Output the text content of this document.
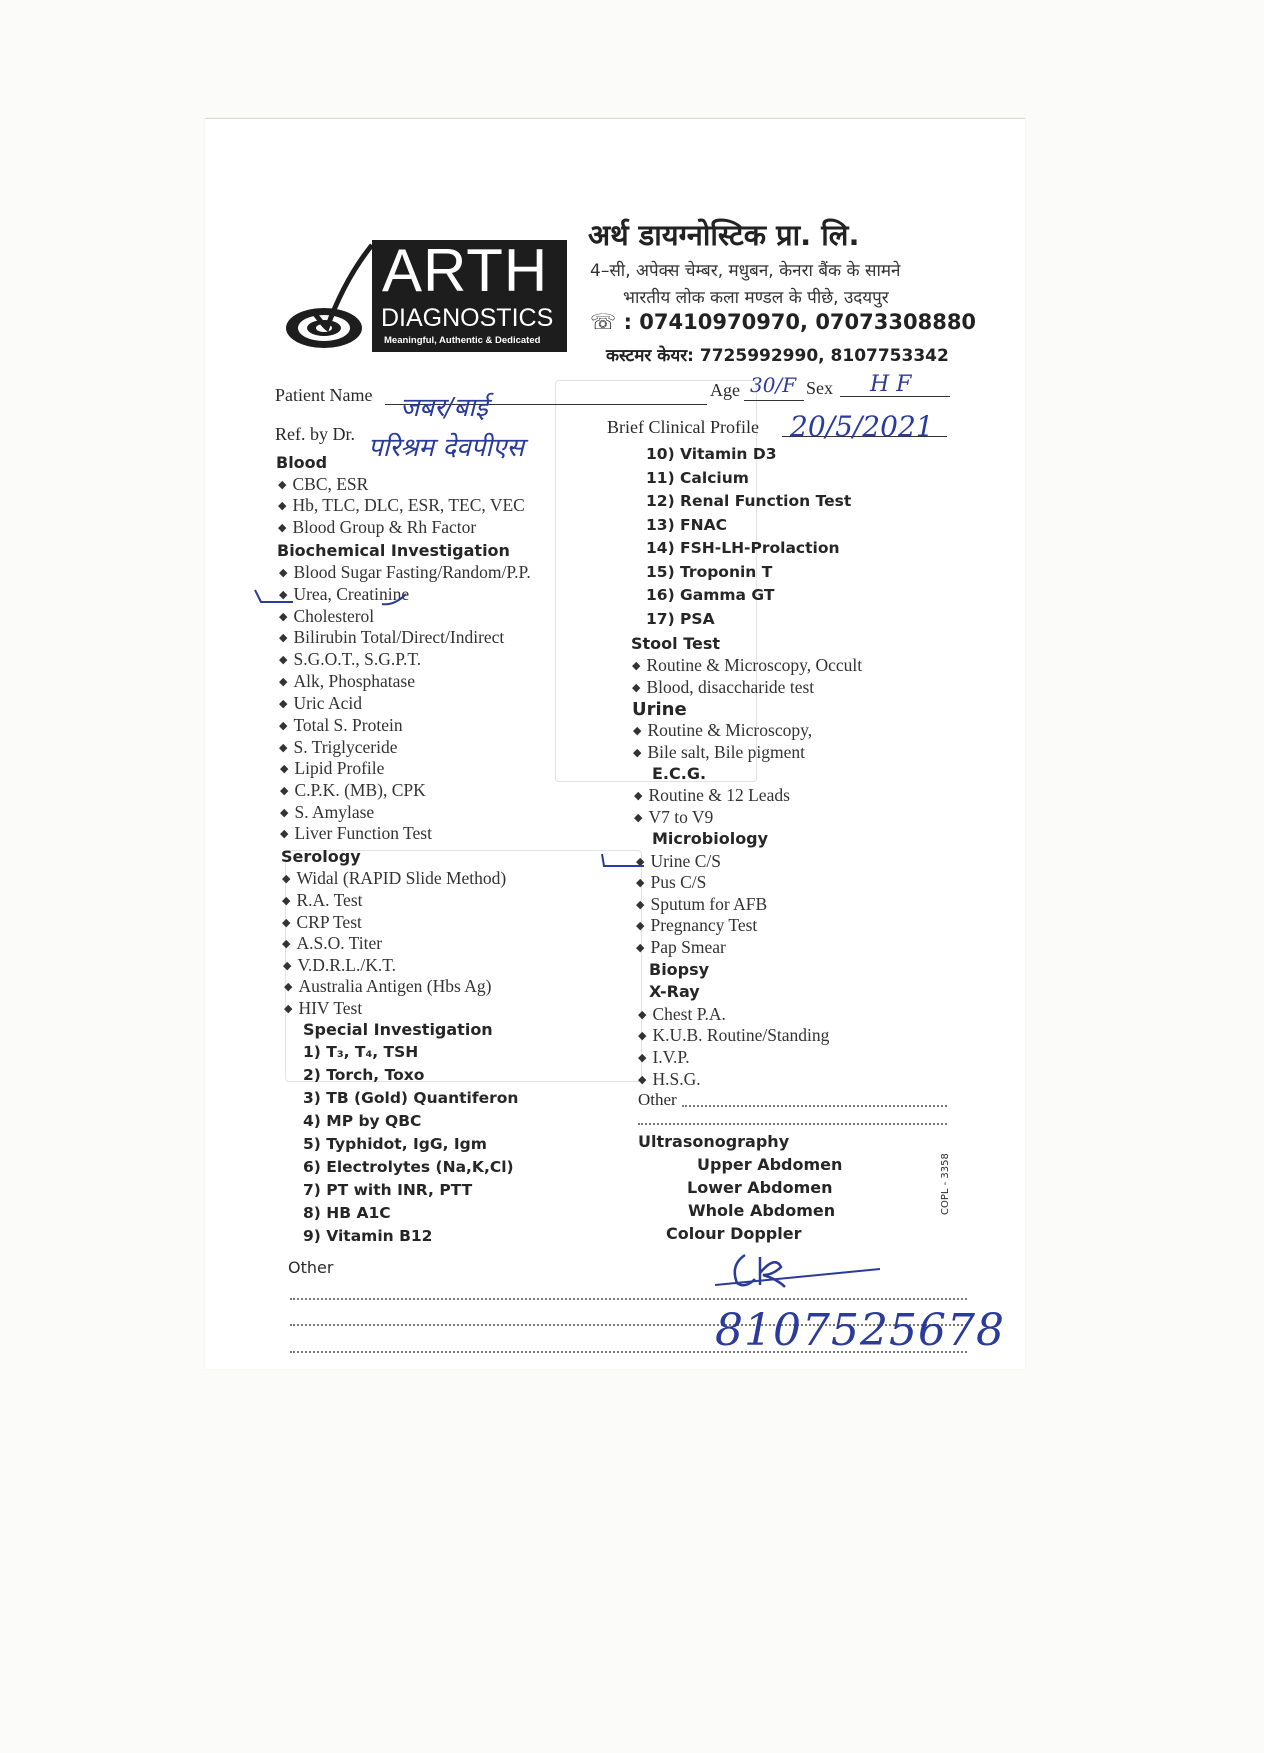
ARTH
DIAGNOSTICS
Meaningful, Authentic & Dedicated
अर्थ डायग्नोस्टिक प्रा. लि.
4–सी, अपेक्स चेम्बर, मधुबन, केनरा बैंक के सामने
भारतीय लोक कला मण्डल के पीछे, उदयपुर
☏ : 07410970970, 07073308880
कस्टमर केयर: 7725992990, 8107753342
Patient Name जबर/बाई
Age 30/F Sex H F
Ref. by Dr. परिश्रम देवपीएस
Brief Clinical Profile 20/5/2021
Blood
◆ CBC, ESR
◆ Hb, TLC, DLC, ESR, TEC, VEC
◆ Blood Group & Rh Factor
Biochemical Investigation
◆ Blood Sugar Fasting/Random/P.P.
◆ Urea, Creatinine
◆ Cholesterol
◆ Bilirubin Total/Direct/Indirect
◆ S.G.O.T., S.G.P.T.
◆ Alk, Phosphatase
◆ Uric Acid
◆ Total S. Protein
◆ S. Triglyceride
◆ Lipid Profile
◆ C.P.K. (MB), CPK
◆ S. Amylase
◆ Liver Function Test
Serology
◆ Widal (RAPID Slide Method)
◆ R.A. Test
◆ CRP Test
◆ A.S.O. Titer
◆ V.D.R.L./K.T.
◆ Australia Antigen (Hbs Ag)
◆ HIV Test
Special Investigation
1) T₃, T₄, TSH
2) Torch, Toxo
3) TB (Gold) Quantiferon
4) MP by QBC
5) Typhidot, IgG, Igm
6) Electrolytes (Na,K,Cl)
7) PT with INR, PTT
8) HB A1C
9) Vitamin B12
Other
10) Vitamin D3
11) Calcium
12) Renal Function Test
13) FNAC
14) FSH-LH-Prolaction
15) Troponin T
16) Gamma GT
17) PSA
Stool Test
◆ Routine & Microscopy, Occult
◆ Blood, disaccharide test
Urine
◆ Routine & Microscopy,
◆ Bile salt, Bile pigment
E.C.G.
◆ Routine & 12 Leads
◆ V7 to V9
Microbiology
◆ Urine C/S
◆ Pus C/S
◆ Sputum for AFB
◆ Pregnancy Test
◆ Pap Smear
Biopsy
X-Ray
◆ Chest P.A.
◆ K.U.B. Routine/Standing
◆ I.V.P.
◆ H.S.G.
Other
Ultrasonography
Upper Abdomen
Lower Abdomen
Whole Abdomen
Colour Doppler
COPL - 3358
8107525678
